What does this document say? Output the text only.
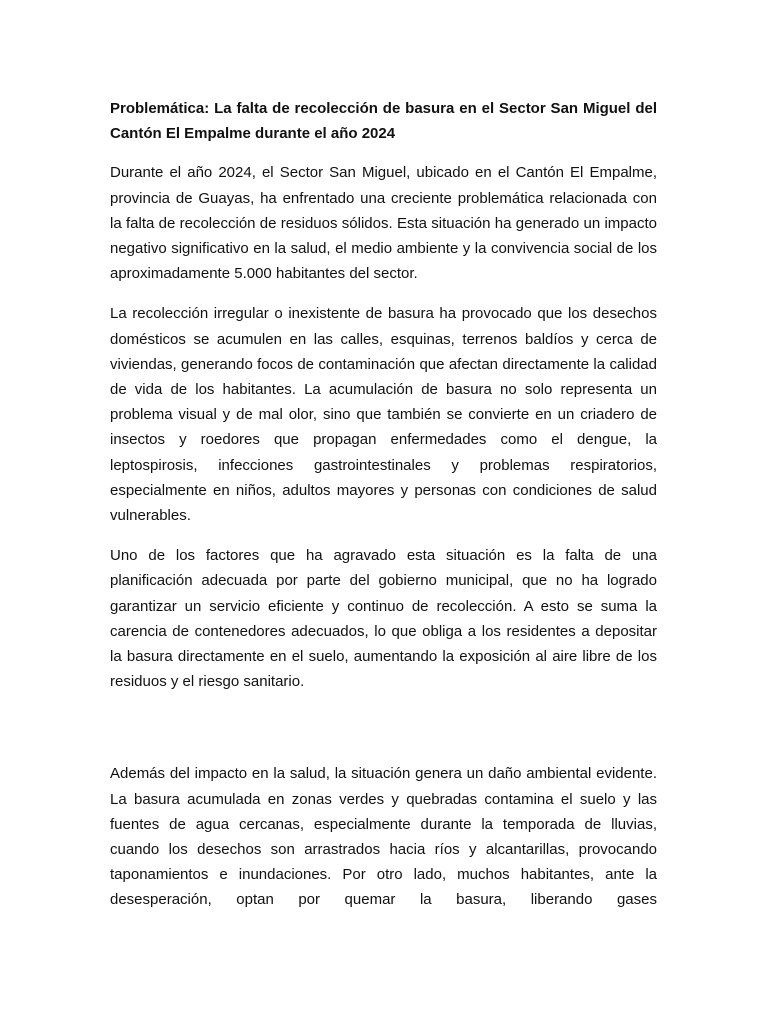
Problemática: La falta de recolección de basura en el Sector San Miguel del Cantón El Empalme durante el año 2024

Durante el año 2024, el Sector San Miguel, ubicado en el Cantón El Empalme, provincia de Guayas, ha enfrentado una creciente problemática relacionada con la falta de recolección de residuos sólidos. Esta situación ha generado un impacto negativo significativo en la salud, el medio ambiente y la convivencia social de los aproximadamente 5.000 habitantes del sector.

La recolección irregular o inexistente de basura ha provocado que los desechos domésticos se acumulen en las calles, esquinas, terrenos baldíos y cerca de viviendas, generando focos de contaminación que afectan directamente la calidad de vida de los habitantes. La acumulación de basura no solo representa un problema visual y de mal olor, sino que también se convierte en un criadero de insectos y roedores que propagan enfermedades como el dengue, la leptospirosis, infecciones gastrointestinales y problemas respiratorios, especialmente en niños, adultos mayores y personas con condiciones de salud vulnerables.

Uno de los factores que ha agravado esta situación es la falta de una planificación adecuada por parte del gobierno municipal, que no ha logrado garantizar un servicio eficiente y continuo de recolección. A esto se suma la carencia de contenedores adecuados, lo que obliga a los residentes a depositar la basura directamente en el suelo, aumentando la exposición al aire libre de los residuos y el riesgo sanitario.

Además del impacto en la salud, la situación genera un daño ambiental evidente. La basura acumulada en zonas verdes y quebradas contamina el suelo y las fuentes de agua cercanas, especialmente durante la temporada de lluvias, cuando los desechos son arrastrados hacia ríos y alcantarillas, provocando taponamientos e inundaciones. Por otro lado, muchos habitantes, ante la desesperación, optan por quemar la basura, liberando gases
